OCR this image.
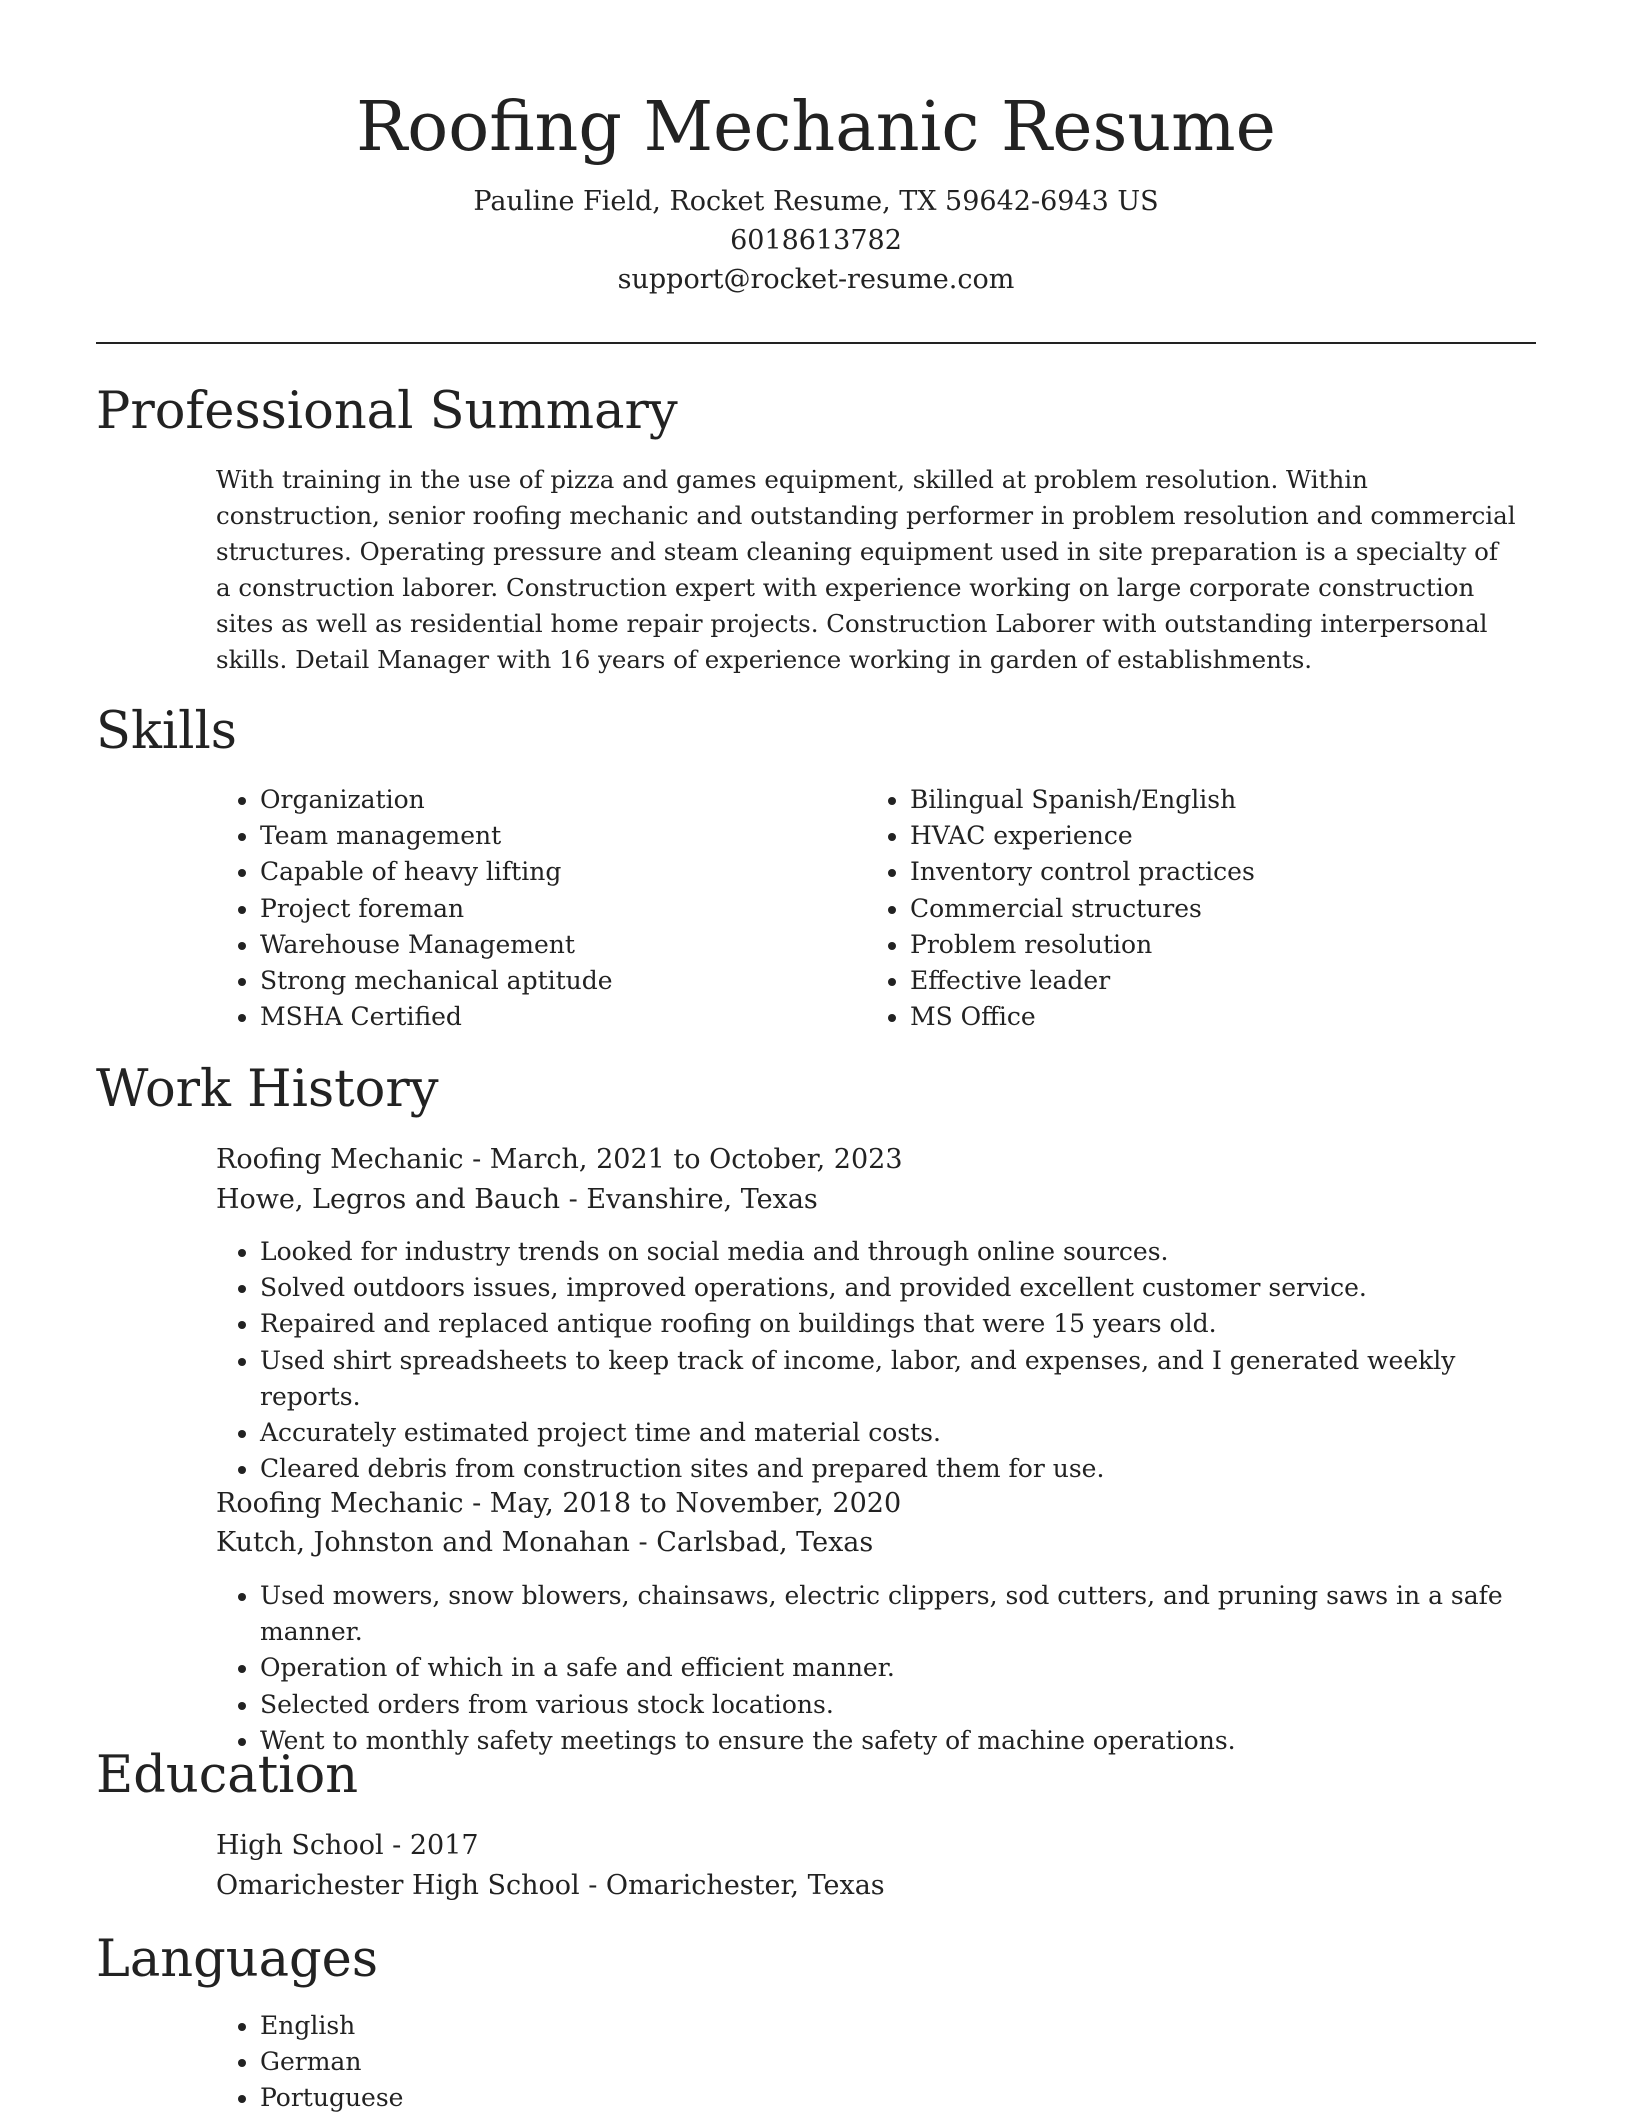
Roofing Mechanic Resume

Pauline Field, Rocket Resume, TX 59642-6943 US

6018613782

support@rocket-resume.com

Professional Summary

With training in the use of pizza and games equipment, skilled at problem resolution. Within construction, senior roofing mechanic and outstanding performer in problem resolution and commercial structures. Operating pressure and steam cleaning equipment used in site preparation is a specialty of a construction laborer. Construction expert with experience working on large corporate construction sites as well as residential home repair projects. Construction Laborer with outstanding interpersonal skills. Detail Manager with 16 years of experience working in garden of establishments.

Skills
• Organization
• Team management
• Capable of heavy lifting
• Project foreman
• Warehouse Management
• Strong mechanical aptitude
• MSHA Certified
• Bilingual Spanish/English
• HVAC experience
• Inventory control practices
• Commercial structures
• Problem resolution
• Effective leader
• MS Office
Work History

Roofing Mechanic - March, 2021 to October, 2023

Howe, Legros and Bauch - Evanshire, Texas

• Looked for industry trends on social media and through online sources.
• Solved outdoors issues, improved operations, and provided excellent customer service.
• Repaired and replaced antique roofing on buildings that were 15 years old.
• Used shirt spreadsheets to keep track of income, labor, and expenses, and I generated weekly reports.
• Accurately estimated project time and material costs.
• Cleared debris from construction sites and prepared them for use.

Roofing Mechanic - May, 2018 to November, 2020

Kutch, Johnston and Monahan - Carlsbad, Texas

• Used mowers, snow blowers, chainsaws, electric clippers, sod cutters, and pruning saws in a safe manner.
• Operation of which in a safe and efficient manner.
• Selected orders from various stock locations.
• Went to monthly safety meetings to ensure the safety of machine operations.
Education

High School - 2017

Omarichester High School - Omarichester, Texas

Languages
• English
• German
• Portuguese
